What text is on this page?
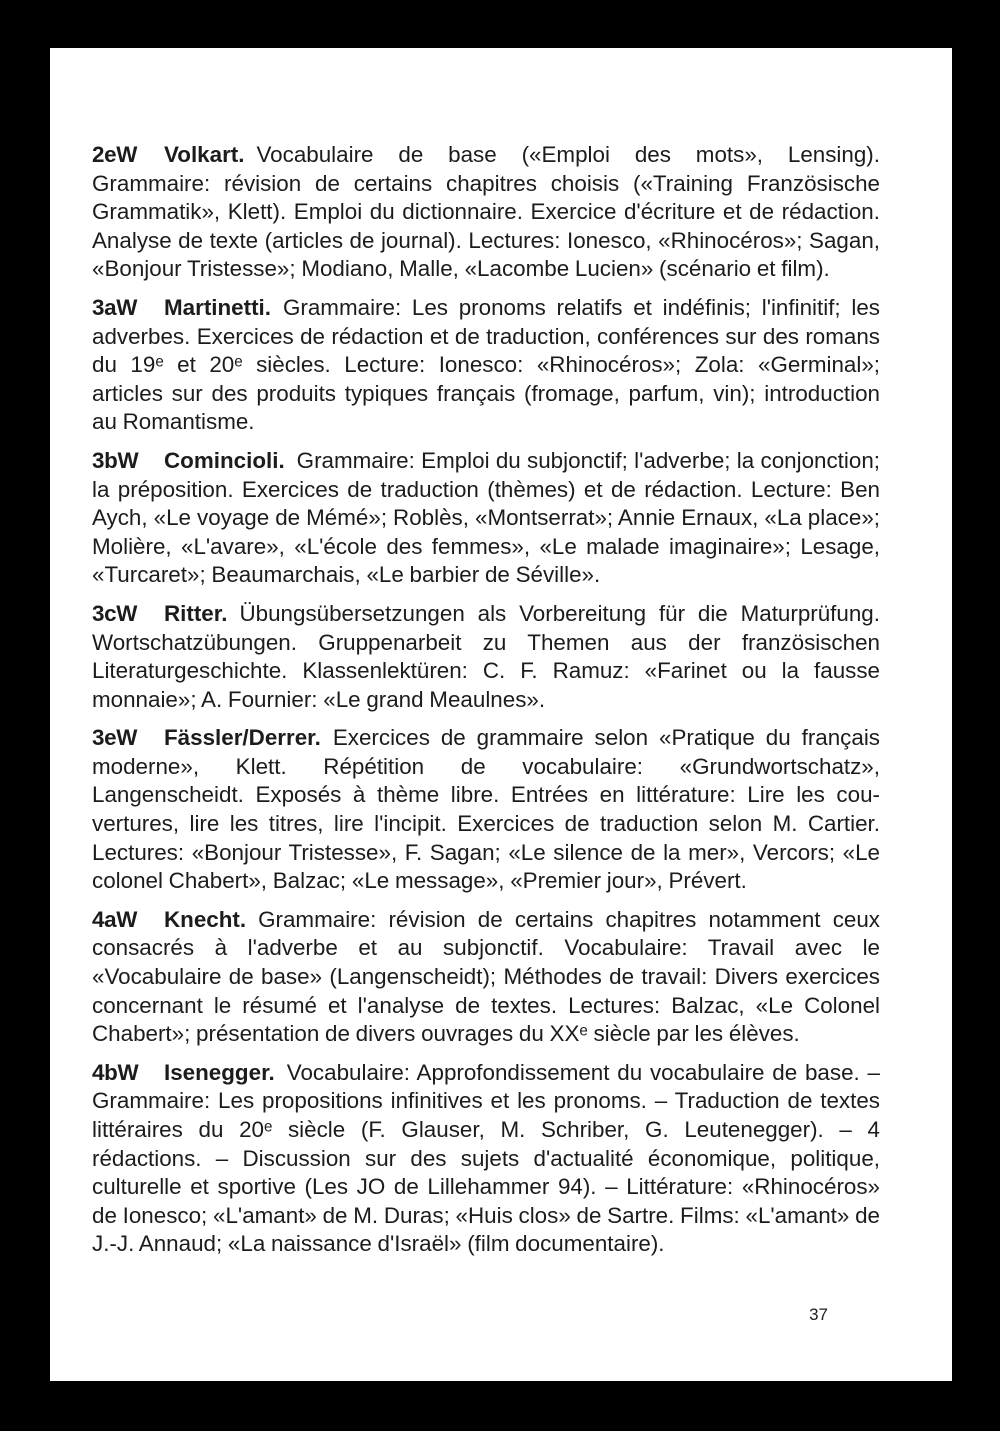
2eW Volkart. Vocabulaire de base («Emploi des mots», Lensing). Grammaire: révision de certains chapitres choisis («Training Französische Grammatik», Klett). Emploi du dictionnaire. Exercice d'écriture et de rédaction. Analyse de texte (articles de journal). Lectures: Ionesco, «Rhinocéros»; Sagan, «Bonjour Tristesse»; Modiano, Malle, «Lacombe Lucien» (scénario et film).

3aW Martinetti. Grammaire: Les pronoms relatifs et indéfinis; l'infinitif; les adverbes. Exercices de rédaction et de traduction, conférences sur des romans du 19ᵉ et 20ᵉ siècles. Lecture: Ionesco: «Rhinocéros»; Zola: «Germinal»; articles sur des produits typiques français (fromage, parfum, vin); introduction au Romantisme.

3bW Comincioli. Grammaire: Emploi du subjonctif; l'adverbe; la conjonction; la préposition. Exercices de traduction (thèmes) et de rédaction. Lecture: Ben Aych, «Le voyage de Mémé»; Roblès, «Montserrat»; Annie Ernaux, «La place»; Molière, «L'avare», «L'école des femmes», «Le malade imaginaire»; Lesage, «Turcaret»; Beaumarchais, «Le barbier de Séville».

3cW Ritter. Übungsübersetzungen als Vorbereitung für die Maturprüfung. Wortschatzübungen. Gruppenarbeit zu Themen aus der französischen Literaturgeschichte. Klassenlektüren: C. F. Ramuz: «Farinet ou la fausse monnaie»; A. Fournier: «Le grand Meaulnes».

3eW Fässler/Derrer. Exercices de grammaire selon «Pratique du français moderne», Klett. Répétition de vocabulaire: «Grundwortschatz», Langenscheidt. Exposés à thème libre. Entrées en littérature: Lire les couvertures, lire les titres, lire l'incipit. Exercices de traduction selon M. Cartier. Lectures: «Bonjour Tristesse», F. Sagan; «Le silence de la mer», Vercors; «Le colonel Chabert», Balzac; «Le message», «Premier jour», Prévert.

4aW Knecht. Grammaire: révision de certains chapitres notamment ceux consacrés à l'adverbe et au subjonctif. Vocabulaire: Travail avec le «Vocabulaire de base» (Langenscheidt); Méthodes de travail: Divers exercices concernant le résumé et l'analyse de textes. Lectures: Balzac, «Le Colonel Chabert»; présentation de divers ouvrages du XXᵉ siècle par les élèves.

4bW Isenegger. Vocabulaire: Approfondissement du vocabulaire de base. – Grammaire: Les propositions infinitives et les pronoms. – Traduction de textes littéraires du 20ᵉ siècle (F. Glauser, M. Schriber, G. Leutenegger). – 4 rédactions. – Discussion sur des sujets d'actualité économique, politique, culturelle et sportive (Les JO de Lillehammer 94). – Littérature: «Rhinocéros» de Ionesco; «L'amant» de M. Duras; «Huis clos» de Sartre. Films: «L'amant» de J.-J. Annaud; «La naissance d'Israël» (film documentaire).

37
